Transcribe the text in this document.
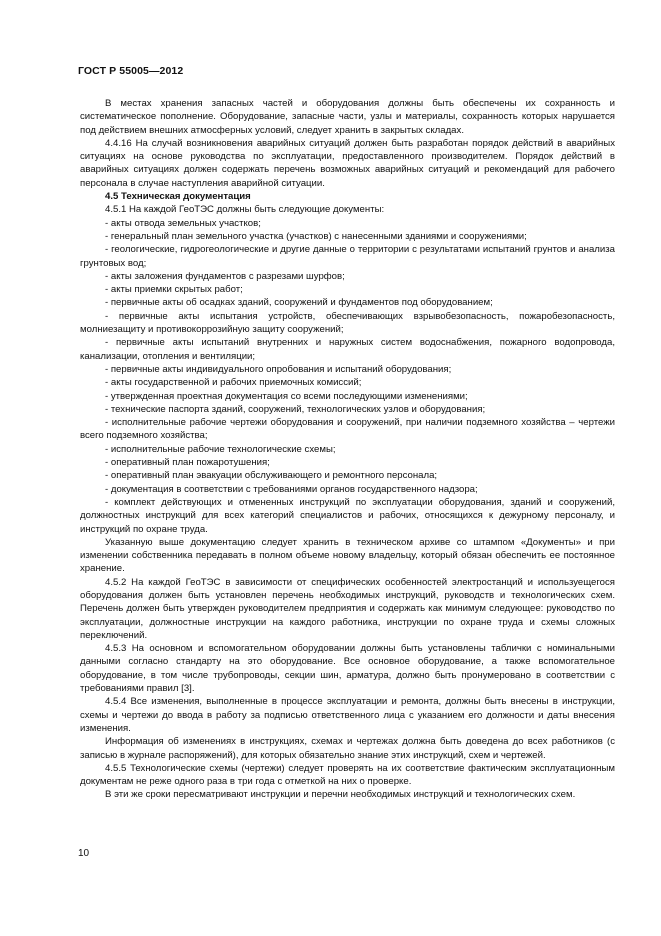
ГОСТ Р 55005—2012

В местах хранения запасных частей и оборудования должны быть обеспечены их сохранность и систематическое пополнение. Оборудование, запасные части, узлы и материалы, сохранность которых нарушается под действием внешних атмосферных условий, следует хранить в закрытых складах.

4.4.16 На случай возникновения аварийных ситуаций должен быть разработан порядок действий в аварийных ситуациях на основе руководства по эксплуатации, предоставленного производителем. Порядок действий в аварийных ситуациях должен содержать перечень возможных аварийных ситуаций и рекомендаций для рабочего персонала в случае наступления аварийной ситуации.

4.5 Техническая документация

4.5.1 На каждой ГеоТЭС должны быть следующие документы:

- акты отвода земельных участков;

- генеральный план земельного участка (участков) с нанесенными зданиями и сооружениями;

- геологические, гидрогеологические и другие данные о территории с результатами испытаний грунтов и анализа грунтовых вод;

- акты заложения фундаментов с разрезами шурфов;

- акты приемки скрытых работ;

- первичные акты об осадках зданий, сооружений и фундаментов под оборудованием;

- первичные акты испытания устройств, обеспечивающих взрывобезопасность, пожаробезопасность, молниезащиту и противокоррозийную защиту сооружений;

- первичные акты испытаний внутренних и наружных систем водоснабжения, пожарного водопровода, канализации, отопления и вентиляции;

- первичные акты индивидуального опробования и испытаний оборудования;

- акты государственной и рабочих приемочных комиссий;

- утвержденная проектная документация со всеми последующими изменениями;

- технические паспорта зданий, сооружений, технологических узлов и оборудования;

- исполнительные рабочие чертежи оборудования и сооружений, при наличии подземного хозяйства – чертежи всего подземного хозяйства;

- исполнительные рабочие технологические схемы;

- оперативный план пожаротушения;

- оперативный план эвакуации обслуживающего и ремонтного персонала;

- документация в соответствии с требованиями органов государственного надзора;

- комплект действующих и отмененных инструкций по эксплуатации оборудования, зданий и сооружений, должностных инструкций для всех категорий специалистов и рабочих, относящихся к дежурному персоналу, и инструкций по охране труда.

Указанную выше документацию следует хранить в техническом архиве со штампом «Документы» и при изменении собственника передавать в полном объеме новому владельцу, который обязан обеспечить ее постоянное хранение.

4.5.2 На каждой ГеоТЭС в зависимости от специфических особенностей электростанций и используещегося оборудования должен быть установлен перечень необходимых инструкций, руководств и технологических схем. Перечень должен быть утвержден руководителем предприятия и содержать как минимум следующее: руководство по эксплуатации, должностные инструкции на каждого работника, инструкции по охране труда и схемы сложных переключений.

4.5.3 На основном и вспомогательном оборудовании должны быть установлены таблички с номинальными данными согласно стандарту на это оборудование. Все основное оборудование, а также вспомогательное оборудование, в том числе трубопроводы, секции шин, арматура, должно быть пронумеровано в соответствии с требованиями правил [3].

4.5.4 Все изменения, выполненные в процессе эксплуатации и ремонта, должны быть внесены в инструкции, схемы и чертежи до ввода в работу за подписью ответственного лица с указанием его должности и даты внесения изменения.

Информация об изменениях в инструкциях, схемах и чертежах должна быть доведена до всех работников (с записью в журнале распоряжений), для которых обязательно знание этих инструкций, схем и чертежей.

4.5.5 Технологические схемы (чертежи) следует проверять на их соответствие фактическим эксплуатационным документам не реже одного раза в три года с отметкой на них о проверке.

В эти же сроки пересматривают инструкции и перечни необходимых инструкций и технологических схем.

10
